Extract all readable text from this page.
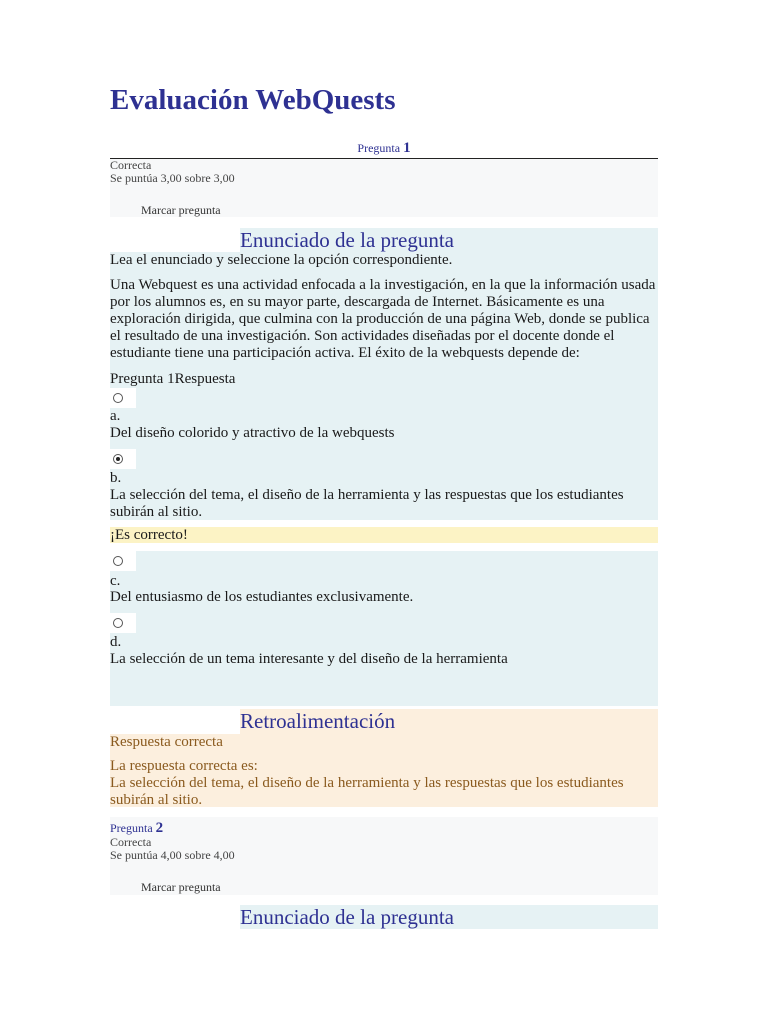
Evaluación WebQuests
Pregunta 1
Correcta
Se puntúa 3,00 sobre 3,00
Marcar pregunta
Enunciado de la pregunta

Lea el enunciado y seleccione la opción correspondiente.

Una Webquest es una actividad enfocada a la investigación, en la que la información usada por los alumnos es, en su mayor parte, descargada de Internet. Básicamente es una exploración dirigida, que culmina con la producción de una página Web, donde se publica el resultado de una investigación. Son actividades diseñadas por el docente donde el estudiante tiene una participación activa. El éxito de la webquests depende de:

Pregunta 1Respuesta

a.
Del diseño colorido y atractivo de la webquests
b.
La selección del tema, el diseño de la herramienta y las respuestas que los estudiantes subirán al sitio.
¡Es correcto!
c.
Del entusiasmo de los estudiantes exclusivamente.
d.
La selección de un tema interesante y del diseño de la herramienta
Retroalimentación
Respuesta correcta
La respuesta correcta es:
La selección del tema, el diseño de la herramienta y las respuestas que los estudiantes subirán al sitio.
Pregunta 2
Correcta
Se puntúa 4,00 sobre 4,00
Marcar pregunta
Enunciado de la pregunta
